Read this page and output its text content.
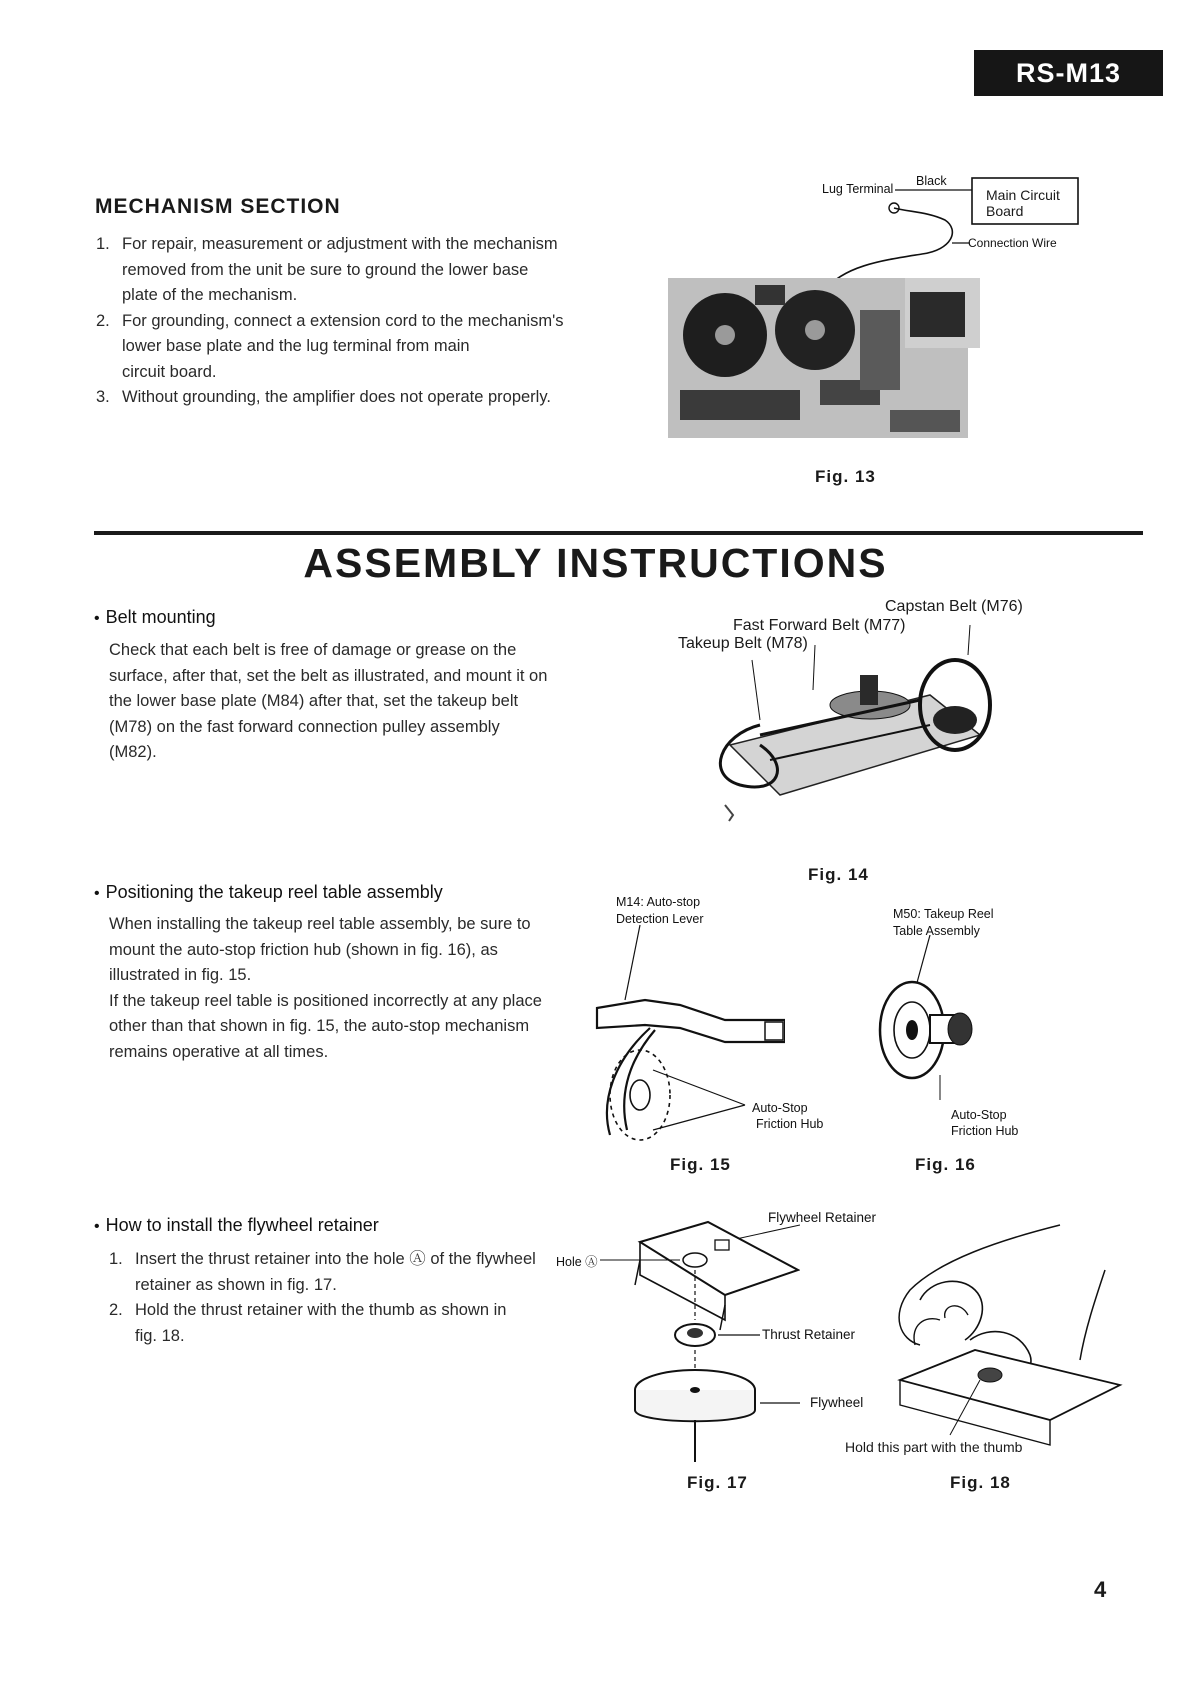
RS-M13
MECHANISM SECTION
1. For repair, measurement or adjustment with the mechanism
removed from the unit be sure to ground the lower base
plate of the mechanism.
2. For grounding, connect a extension cord to the mechanism's
lower base plate and the lug terminal from main
circuit board.
3. Without grounding, the amplifier does not operate properly.
Lug Terminal
Black
Main Circuit
Board
Connection Wire
Fig. 13
ASSEMBLY INSTRUCTIONS
• Belt mounting
Check that each belt is free of damage or grease on the
surface, after that, set the belt as illustrated, and mount it on
the lower base plate (M84) after that, set the takeup belt
(M78) on the fast forward connection pulley assembly
(M82).
Capstan Belt (M76)
Fast Forward Belt (M77)
Takeup Belt (M78)
Fig. 14
• Positioning the takeup reel table assembly
When installing the takeup reel table assembly, be sure to
mount the auto-stop friction hub (shown in fig. 16), as
illustrated in fig. 15.
If the takeup reel table is positioned incorrectly at any place
other than that shown in fig. 15, the auto-stop mechanism
remains operative at all times.
M14: Auto-stop
Detection Lever
Auto-Stop
Friction Hub
Fig. 15
M50: Takeup Reel
Table Assembly
Auto-Stop
Friction Hub
Fig. 16
• How to install the flywheel retainer
1. Insert the thrust retainer into the hole Ⓐ of the flywheel
retainer as shown in fig. 17.
2. Hold the thrust retainer with the thumb as shown in
fig. 18.
Flywheel Retainer
Hole Ⓐ
Thrust Retainer
Flywheel
Fig. 17
Hold this part with the thumb
Fig. 18
4
